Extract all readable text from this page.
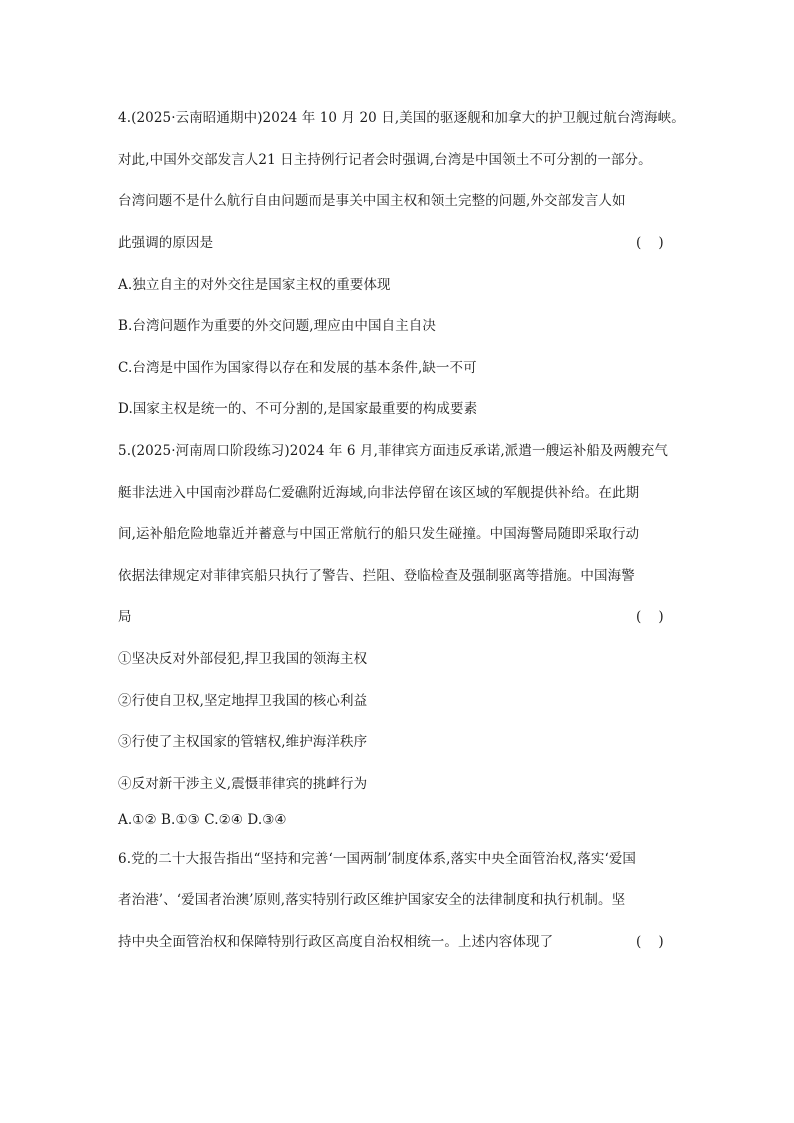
4.(2025·云南昭通期中)2024 年 10 月 20 日,美国的驱逐舰和加拿大的护卫舰过航台湾海峡。
对此,中国外交部发言人21 日主持例行记者会时强调,台湾是中国领土不可分割的一部分。
台湾问题不是什么航行自由问题而是事关中国主权和领土完整的问题,外交部发言人如
此强调的原因是	(    )
A.独立自主的对外交往是国家主权的重要体现
B.台湾问题作为重要的外交问题,理应由中国自主自决
C.台湾是中国作为国家得以存在和发展的基本条件,缺一不可
D.国家主权是统一的、不可分割的,是国家最重要的构成要素
5.(2025·河南周口阶段练习)2024 年 6 月,菲律宾方面违反承诺,派遣一艘运补船及两艘充气
艇非法进入中国南沙群岛仁爱礁附近海域,向非法停留在该区域的军舰提供补给。在此期
间,运补船危险地靠近并蓄意与中国正常航行的船只发生碰撞。中国海警局随即采取行动
依据法律规定对菲律宾船只执行了警告、拦阻、登临检查及强制驱离等措施。中国海警
局	(    )
①坚决反对外部侵犯,捍卫我国的领海主权
②行使自卫权,坚定地捍卫我国的核心利益
③行使了主权国家的管辖权,维护海洋秩序
④反对新干涉主义,震慑菲律宾的挑衅行为
A.①② B.①③ C.②④ D.③④
6.党的二十大报告指出“坚持和完善‘一国两制’制度体系,落实中央全面管治权,落实‘爱国
者治港’、‘爱国者治澳’原则,落实特别行政区维护国家安全的法律制度和执行机制。坚
持中央全面管治权和保障特别行政区高度自治权相统一。上述内容体现了	(    )
